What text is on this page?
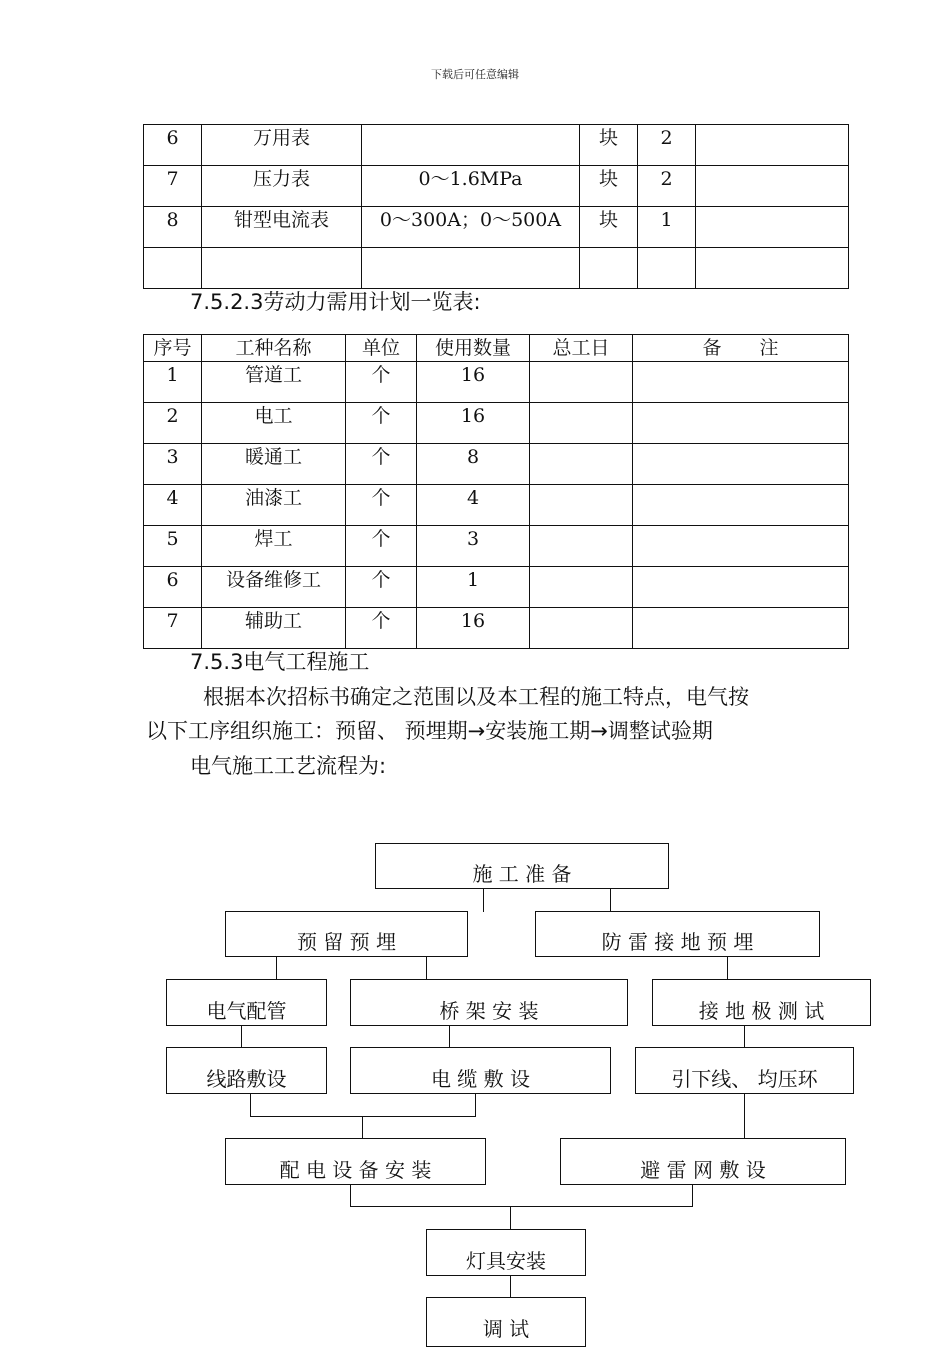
下载后可任意编辑
6	万用表		块	2	
7	压力表	0～1.6MPa	块	2	
8	钳型电流表	0～300A；0～500A	块	1	

7.5.2.3劳动力需用计划一览表:
序号	工种名称	单位	使用数量	总工日	备　　注
1	管道工	个	16		
2	电工	个	16		
3	暖通工	个	8		
4	油漆工	个	4		
5	焊工	个	3		
6	设备维修工	个	1		
7	辅助工	个	16		
7.5.3电气工程施工
根据本次招标书确定之范围以及本工程的施工特点，电气按
以下工序组织施工：预留、 预埋期→安装施工期→调整试验期
电气施工工艺流程为:
施 工 准 备
预 留 预 埋	防 雷 接 地 预 埋
电气配管	桥 架 安 装	接 地 极 测 试
线路敷设	电 缆 敷 设	引下线、 均压环
配 电 设 备 安 装	避 雷 网 敷 设
灯具安装
调 试
